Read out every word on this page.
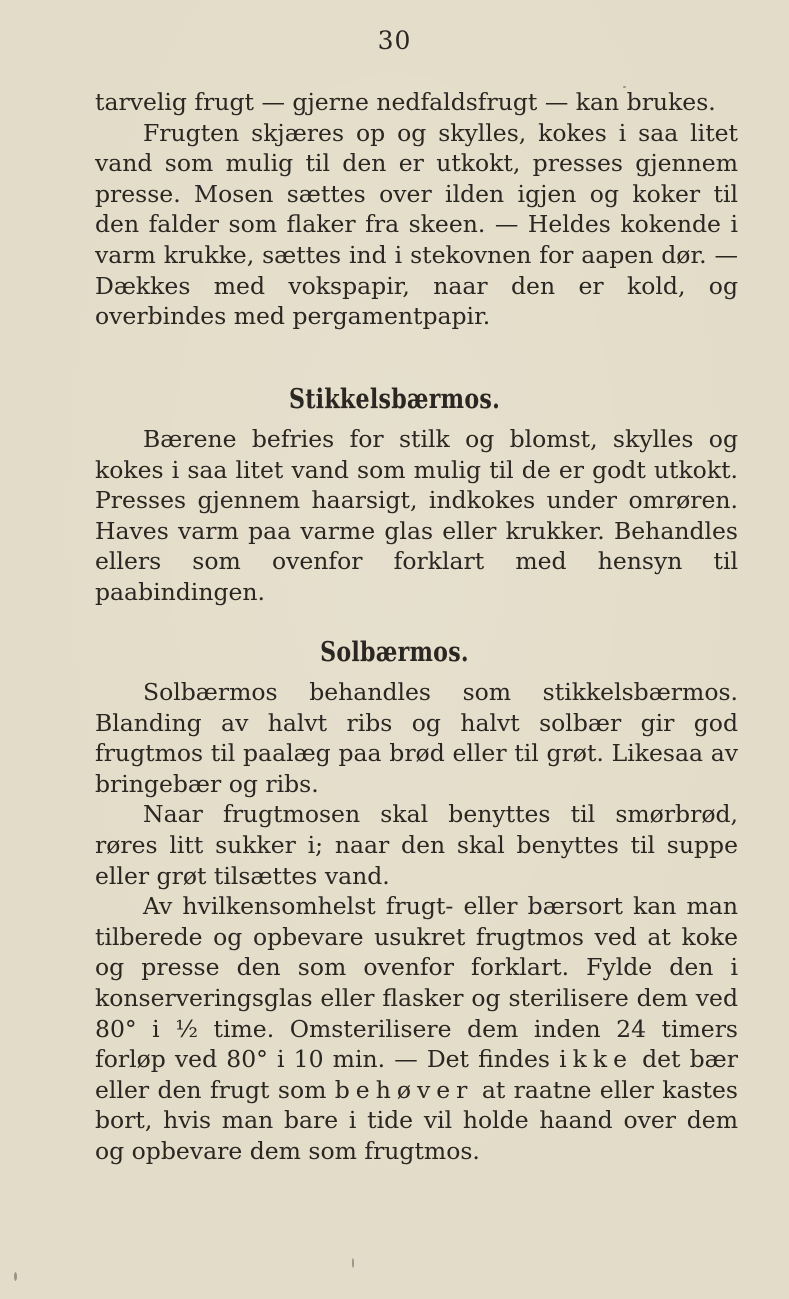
30

tarvelig frugt — gjerne nedfaldsfrugt — kan brukes.

Frugten skjæres op og skylles, kokes i saa litet vand som mulig til den er utkokt, presses gjennem presse. Mosen sættes over ilden igjen og koker til den falder som flaker fra skeen. — Heldes kokende i varm krukke, sættes ind i stekovnen for aapen dør. — Dækkes med vokspapir, naar den er kold, og overbindes med pergamentpapir.

Stikkelsbærmos.

Bærene befries for stilk og blomst, skylles og kokes i saa litet vand som mulig til de er godt utkokt. Presses gjennem haarsigt, indkokes under omrøren. Haves varm paa varme glas eller krukker. Behandles ellers som ovenfor forklart med hensyn til paabindingen.

Solbærmos.

Solbærmos behandles som stikkelsbærmos. Blanding av halvt ribs og halvt solbær gir god frugtmos til paalæg paa brød eller til grøt. Likesaa av bringebær og ribs.

Naar frugtmosen skal benyttes til smørbrød, røres litt sukker i; naar den skal benyttes til suppe eller grøt tilsættes vand.

Av hvilkensomhelst frugt- eller bærsort kan man tilberede og opbevare usukret frugtmos ved at koke og presse den som ovenfor forklart. Fylde den i konserveringsglas eller flasker og sterilisere dem ved 80° i ½ time. Omsterilisere dem inden 24 timers forløp ved 80° i 10 min. — Det findes ikke det bær eller den frugt som behøver at raatne eller kastes bort, hvis man bare i tide vil holde haand over dem og opbevare dem som frugtmos.
